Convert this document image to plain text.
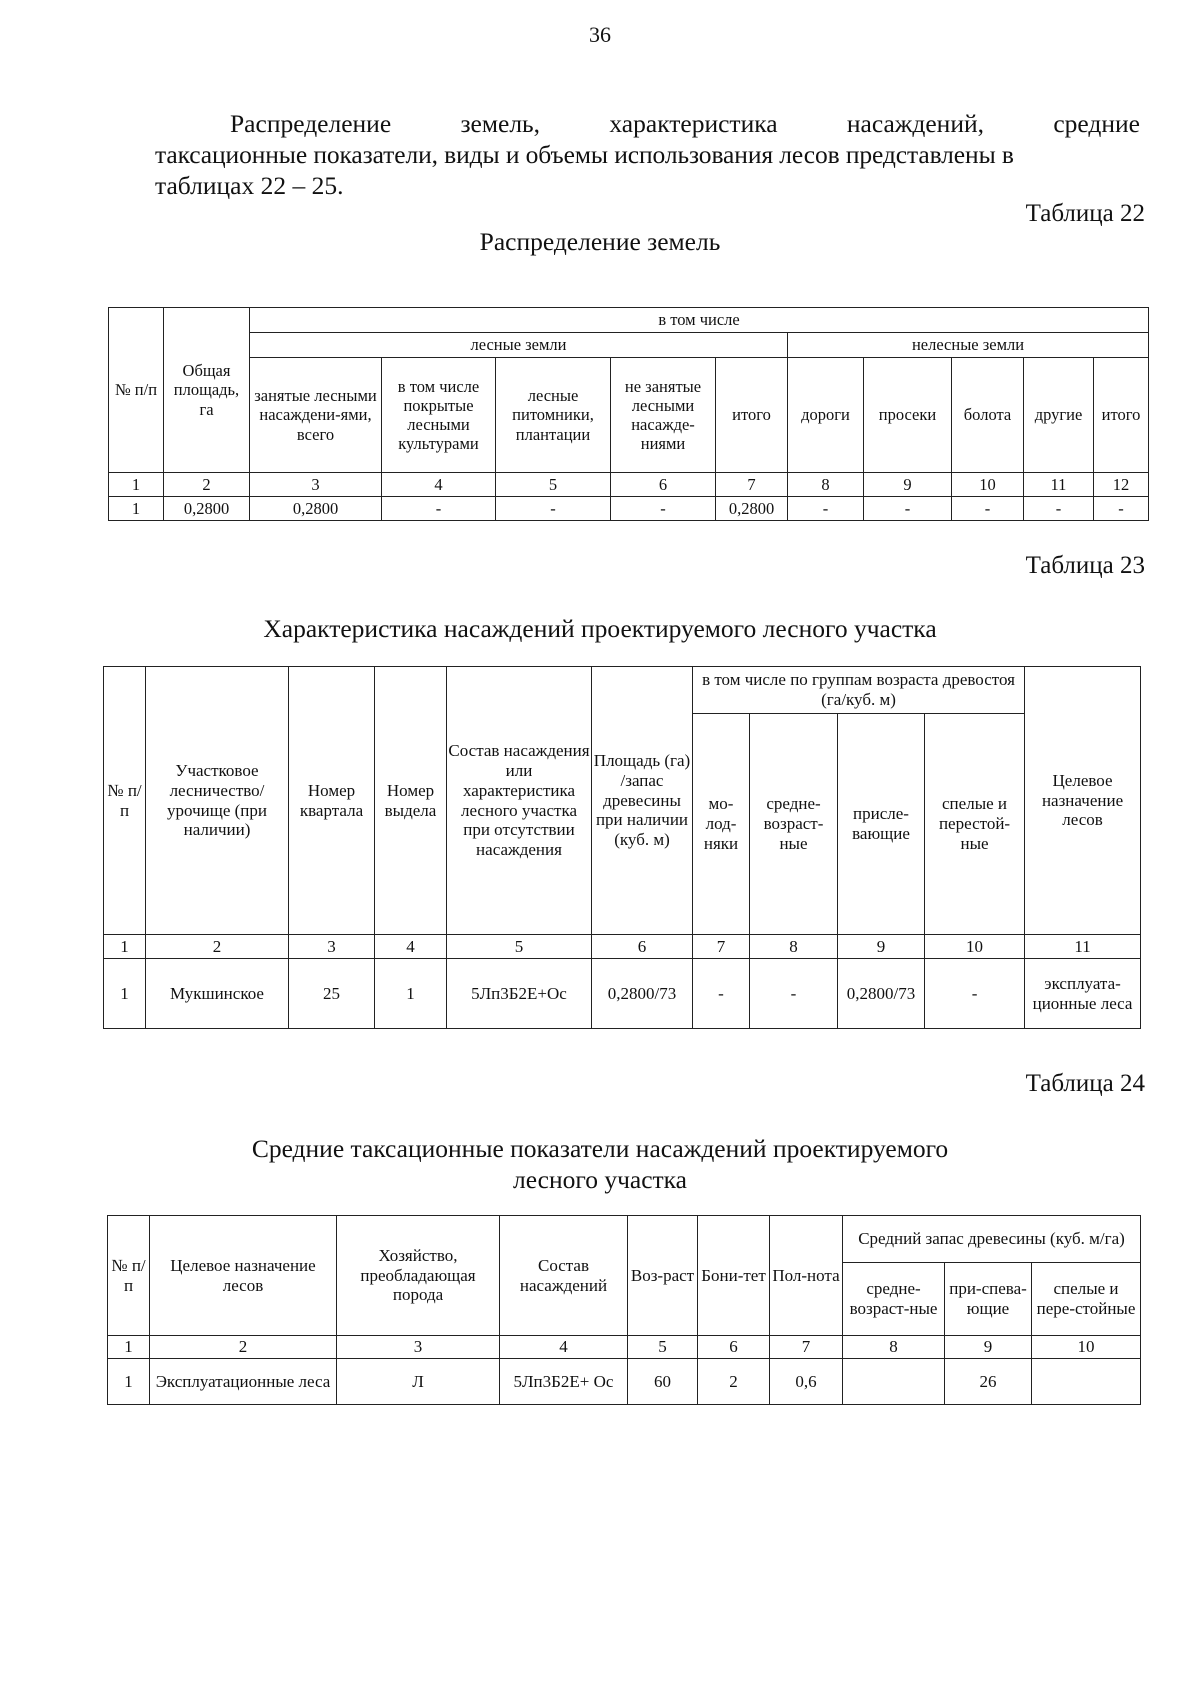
36
Распределение	земель,	характеристика	насаждений,	средние
таксационные показатели, виды и объемы использования лесов представлены в
таблицах 22 – 25.
Таблица 22
Распределение земель
№ п/п	Общая площадь, га	в том числе									
		лесные земли					нелесные земли				
		занятые лесными насаждени-ями, всего	в том числе покрытые лесными культурами	лесные питомники, плантации	не занятые лесными насажде-ниями	итого	дороги	просеки	болота	другие	итого
1	2	3	4	5	6	7	8	9	10	11	12
1	0,2800	0,2800	-	-	-	0,2800	-	-	-	-	-
Таблица 23
Характеристика насаждений проектируемого лесного участка
№ п/п	Участковое лесничество/ урочище (при наличии)	Номер квартала	Номер выдела	Состав насаждения или характеристика лесного участка при отсутствии насаждения	Площадь (га) /запас древесины при наличии (куб. м)	в том числе по группам возраста древостоя (га/куб. м)				Целевое назначение лесов
						мо-лод-няки	средне-возраст-ные	присле-вающие	спелые и перестой-ные	
1	2	3	4	5	6	7	8	9	10	11
1	Мукшинское	25	1	5Лп3Б2Е+Ос	0,2800/73	-	-	0,2800/73	-	эксплуата-ционные леса
Таблица 24
Средние таксационные показатели насаждений проектируемого
лесного участка
№ п/п	Целевое назначение лесов	Хозяйство, преобладающая порода	Состав насаждений	Воз-раст	Бони-тет	Пол-нота	Средний запас древесины (куб. м/га)		
							средне-возраст-ные	при-спева-ющие	спелые и пере-стойные
1	2	3	4	5	6	7	8	9	10
1	Эксплуатационные леса	Л	5Лп3Б2Е+ Ос	60	2	0,6		26	
